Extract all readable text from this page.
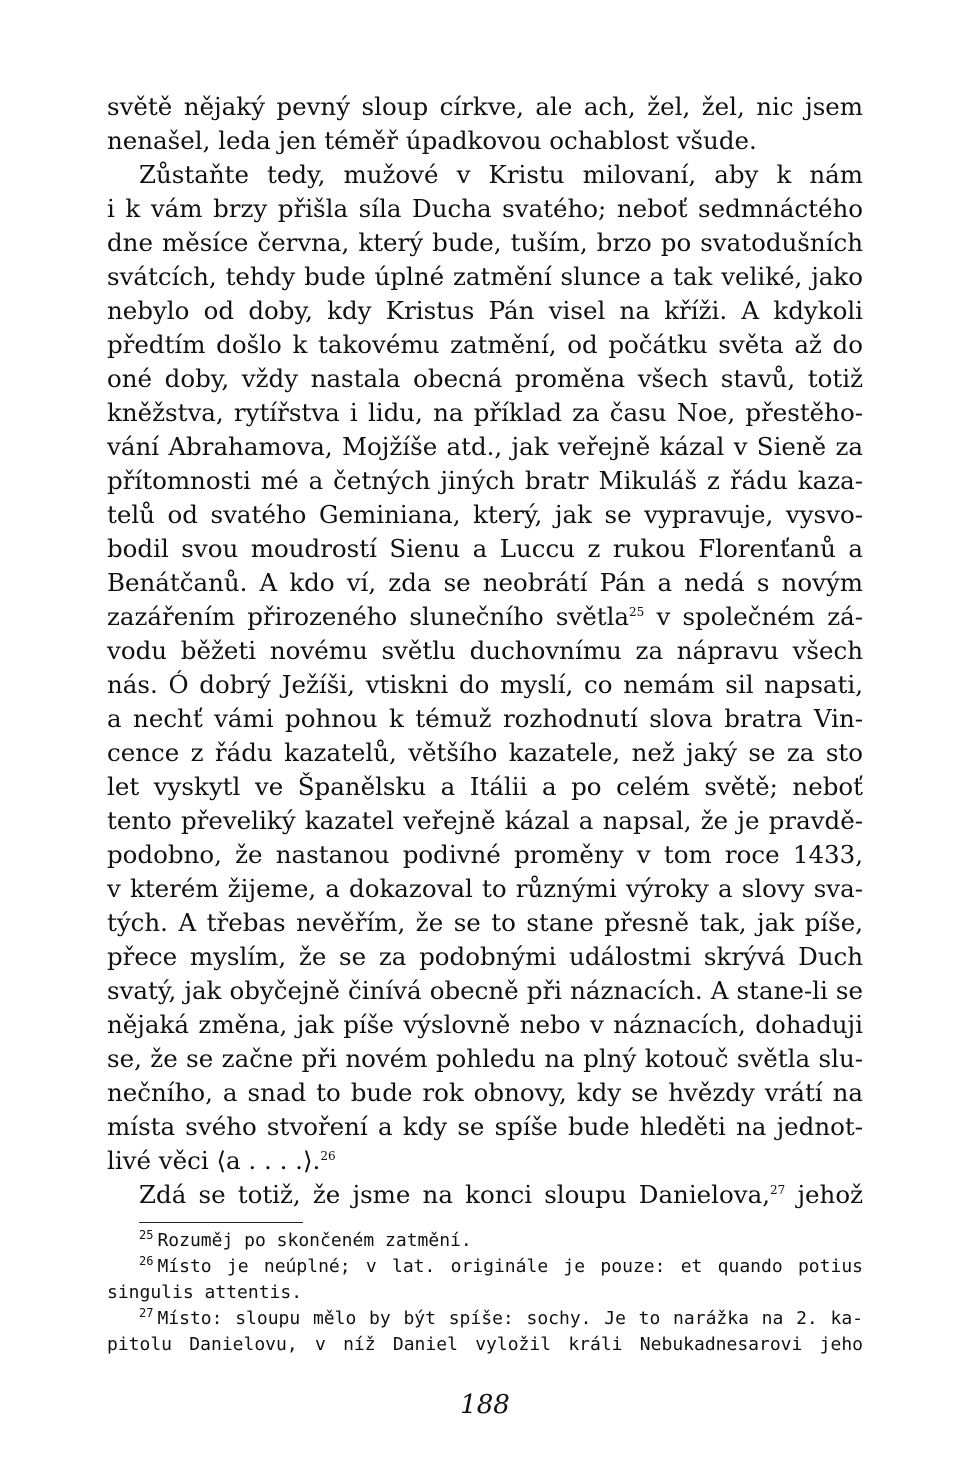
světě nějaký pevný sloup církve, ale ach, žel, žel, nic jsem
nenašel, leda jen téměř úpadkovou ochablost všude.
Zůstaňte tedy, mužové v Kristu milovaní, aby k nám
i k vám brzy přišla síla Ducha svatého; neboť sedmnáctého
dne měsíce června, který bude, tuším, brzo po svatodušních
svátcích, tehdy bude úplné zatmění slunce a tak veliké, jako
nebylo od doby, kdy Kristus Pán visel na kříži. A kdykoli
předtím došlo k takovému zatmění, od počátku světa až do
oné doby, vždy nastala obecná proměna všech stavů, totiž
kněžstva, rytířstva i lidu, na příklad za času Noe, přestěho-
vání Abrahamova, Mojžíše atd., jak veřejně kázal v Sieně za
přítomnosti mé a četných jiných bratr Mikuláš z řádu kaza-
telů od svatého Geminiana, který, jak se vypravuje, vysvo-
bodil svou moudrostí Sienu a Luccu z rukou Florenťanů a
Benátčanů. A kdo ví, zda se neobrátí Pán a nedá s novým
zazářením přirozeného slunečního světla$^{25}$ v společném zá-
vodu běžeti novému světlu duchovnímu za nápravu všech
nás. Ó dobrý Ježíši, vtiskni do myslí, co nemám sil napsati,
a nechť vámi pohnou k témuž rozhodnutí slova bratra Vin-
cence z řádu kazatelů, většího kazatele, než jaký se za sto
let vyskytl ve Španělsku a Itálii a po celém světě; neboť
tento převeliký kazatel veřejně kázal a napsal, že je pravdě-
podobno, že nastanou podivné proměny v tom roce 1433,
v kterém žijeme, a dokazoval to různými výroky a slovy sva-
tých. A třebas nevěřím, že se to stane přesně tak, jak píše,
přece myslím, že se za podobnými událostmi skrývá Duch
svatý, jak obyčejně činívá obecně při náznacích. A stane-li se
nějaká změna, jak píše výslovně nebo v náznacích, dohaduji
se, že se začne při novém pohledu na plný kotouč světla slu-
nečního, a snad to bude rok obnovy, kdy se hvězdy vrátí na
místa svého stvoření a kdy se spíše bude hleděti na jednot-
livé věci ⟨a . . . .⟩.$^{26}$
Zdá se totiž, že jsme na konci sloupu Danielova,$^{27}$ jehož
$^{25}$ Rozuměj po skončeném zatmění.
$^{26}$ Místo je neúplné; v lat. originále je pouze: et quando potius
singulis attentis.
$^{27}$ Místo: sloupu mělo by být spíše: sochy. Je to narážka na 2. ka-
pitolu Danielovu, v níž Daniel vyložil králi Nebukadnesarovi jeho
188
